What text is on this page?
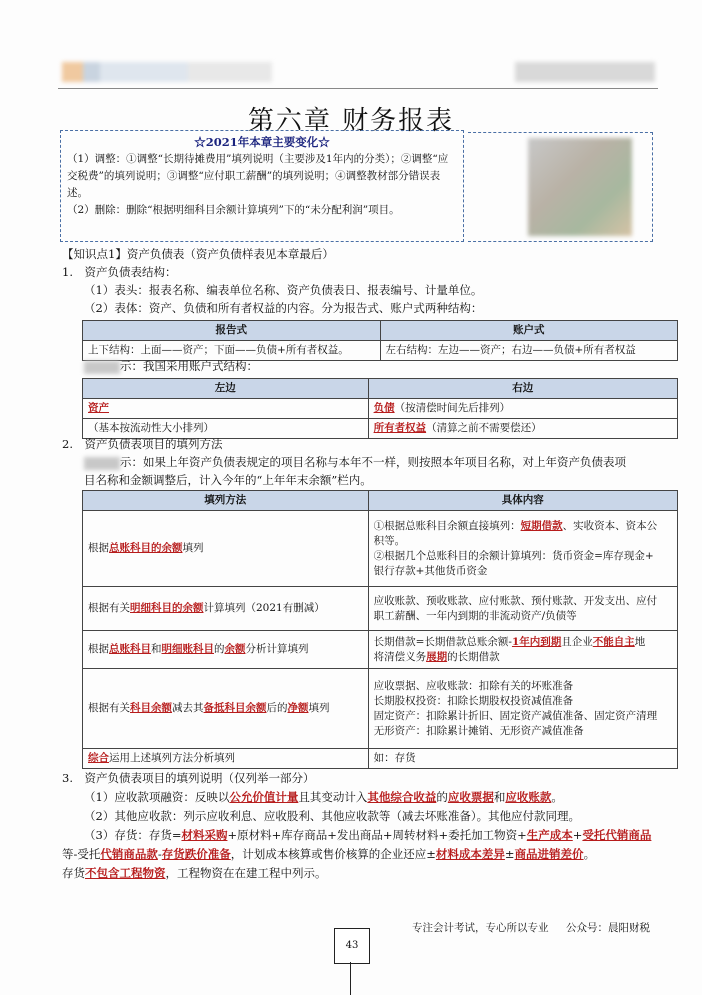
第六章 财务报表
☆2021年本章主要变化☆
（1）调整：①调整“长期待摊费用”填列说明（主要涉及1年内的分类）；②调整“应
交税费”的填列说明；③调整“应付职工薪酬”的填列说明；④调整教材部分错误表述。
（2）删除：删除“根据明细科目余额计算填列”下的“未分配利润”项目。
【知识点1】资产负债表（资产负债样表见本章最后）
1.　资产负债表结构：
（1）表头：报表名称、编表单位名称、资产负债表日、报表编号、计量单位。
（2）表体：资产、负债和所有者权益的内容。分为报告式、账户式两种结构：
报告式	账户式
上下结构：上面——资产；下面——负债+所有者权益。	左右结构：左边——资产；右边——负债+所有者权益
示：我国采用账户式结构：
左边	右边
资产	负债（按清偿时间先后排列）
（基本按流动性大小排列）	所有者权益（清算之前不需要偿还）
2.　资产负债表项目的填列方法
示：如果上年资产负债表规定的项目名称与本年不一样，则按照本年项目名称，对上年资产负债表项
目名称和金额调整后，计入今年的“上年年末余额”栏内。
填列方法	具体内容
根据总账科目的余额填列	①根据总账科目余额直接填列：短期借款、实收资本、资本公
积等。
②根据几个总账科目的余额计算填列：货币资金=库存现金+
银行存款+其他货币资金

根据有关明细科目的余额计算填列（2021有删减）	应收账款、预收账款、应付账款、预付账款、开发支出、应付
职工薪酬、一年内到期的非流动资产/负债等

根据总账科目和明细账科目的余额分析计算填列	长期借款=长期借款总账余额-1年内到期且企业不能自主地
将清偿义务展期的长期借款

根据有关科目余额减去其备抵科目余额后的净额填列	应收票据、应收账款：扣除有关的坏账准备
长期股权投资：扣除长期股权投资减值准备
固定资产：扣除累计折旧、固定资产减值准备、固定资产清理
无形资产：扣除累计摊销、无形资产减值准备

综合运用上述填列方法分析填列	如：存货
3.　资产负债表项目的填列说明（仅列举一部分）
（1）应收款项融资：反映以公允价值计量且其变动计入其他综合收益的应收票据和应收账款。
（2）其他应收款：列示应收利息、应收股利、其他应收款等（减去坏账准备）。其他应付款同理。
（3）存货：存货=材料采购+原材料+库存商品+发出商品+周转材料+委托加工物资+生产成本+受托代销商品
等-受托代销商品款-存货跌价准备，计划成本核算或售价核算的企业还应±材料成本差异±商品进销差价。
存货不包含工程物资，工程物资在在建工程中列示。
专注会计考试，专心所以专业 公众号：晨阳财税
43
